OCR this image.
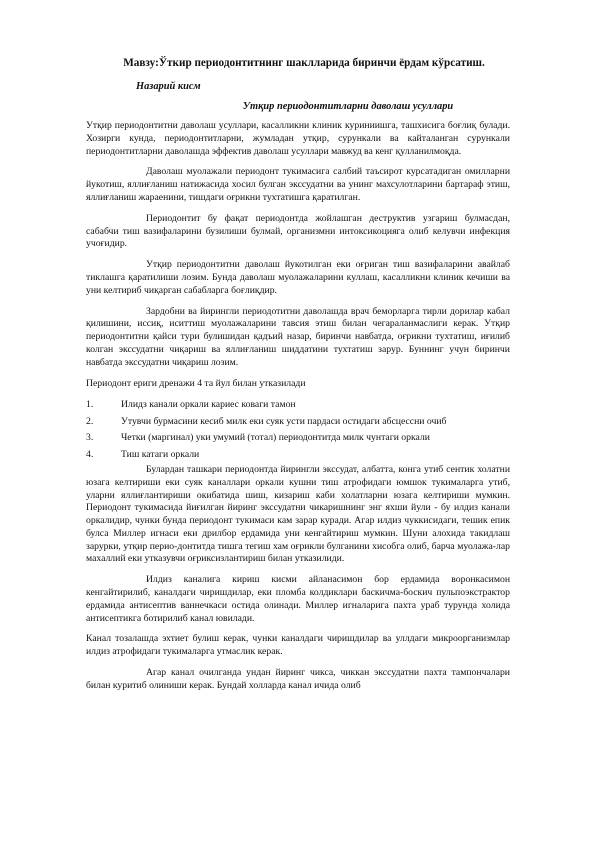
Мавзу:Ўткир периодонтитнинг шаклларида биринчи ёрдам кўрсатиш.
Назарий кисм
Утқир периодонтитларни даволаш усуллари

Утқир периодонтитни даволаш усуллари, касалликни клиник куриниишга, ташхисига боғлиқ булади. Хозирги кунда, периодонтитларни, жумладан утқир, сурункали ва кайталанган сурункали периодонтитларни даволашда эффектив даволаш усуллари мавжуд ва кенг қулланилмоқда.

Даволаш муолажали периодонт тукимасига салбий таъсирот курсатадиган омилларни йукотиш, яллиғланиш натижасида хосил булган экссудатни ва унинг махсулотларини бартараф этиш, яллиғланиш жараенини, тишдаги оғрикни тухтатишга қаратилган.

Периодонтит бу фақат периодонтда жойлашган деструктив узгариш булмасдан, сабабчи тиш вазифаларини бузилиши булмай, организмни интоксикоцияга олиб келувчи инфекция учоғидир.

Утқир периодонтитни даволаш йукотилган еки оғриган тиш вазифаларини авайлаб тиклашга қаратилиши лозим. Бунда даволаш муолажаларини куллаш, касалликни клиник кечиши ва уни келтириб чиқарган сабабларга боғлиқдир.

Зардобни ва йирингли периодотитни даволашда врач беморларга тирли дорилар кабал қилишини, иссиқ, иситтиш муолажаларини тавсия этиш билан чегараланмаслиги керак. Утқир периодонтитни қайси тури булишидан қадъий назар, биринчи навбатда, оғрикни тухтатиш, иғилиб колган экссудатни чиқариш ва яллиғланиш шиддатини тухтатиш зарур. Буннинг учун биринчи навбатда экссудатни чиқариш лозим.

Периодонт ериги дренажи 4 та йул билан утказилади

1.	Илидз канали оркали кариес коваги тамон
2.	Утувчи бурмасини кесиб милк еки суяк усти пардаси остидаги абсцессни очиб
3.	Четки (маргинал) уки умумий (тотал) периодонтитда милк чунтаги оркали
4.	Тиш катаги оркали

Булардан ташкари периодонтда йирингли экссудат, албатта, конга утиб сентик холатни юзага келтириши еки суяк каналлари оркали кушни тиш атрофидаги юмшок тукималарга утиб, уларни яллиғлантириши окибатида шиш, кизариш каби холатларни юзага келтириши мумкин. Периодонт тукимасида йиғилган йиринг экссудатни чикаришнинг энг яхши йули - бу илдиз канали оркалидир, чунки бунда периодонт тукимаси кам зарар куради. Агар илдиз чуккисидаги, тешик епик булса Миллер игнаси еки дрилбор ердамида уни кенгайтириш мумкин. Шуни алохида такидлаш зарурки, утқир перио-донтитда тишга тегиш хам оғрикли булганини хисобга олиб, барча муолажа-лар махаллий еки утказувчи оғриксизлантириш билан утказилиди.

Илдиз каналига кириш кисми айланасимон бор ердамида воронкасимон кенгайтирилиб, каналдаги чиришдилар, еки пломба колдиклари баскичма-боскич пульпоэкстрактор ердамида антисептив ваннечкаси остида олинади. Миллер игналарига пахта ураб турунда холида антисептикга ботирилиб канал ювилади.

Канал тозалашда эхтиет булиш керак, чунки каналдаги чиришдилар ва уллдаги микроорганизмлар илдиз атрофидаги тукималарга утмаслик керак.

Агар канал очилганда ундан йиринг чикса, чиккан экссудатни пахта тампончалари билан куритиб олиниши керак. Бундай холларда канал ичида олиб
